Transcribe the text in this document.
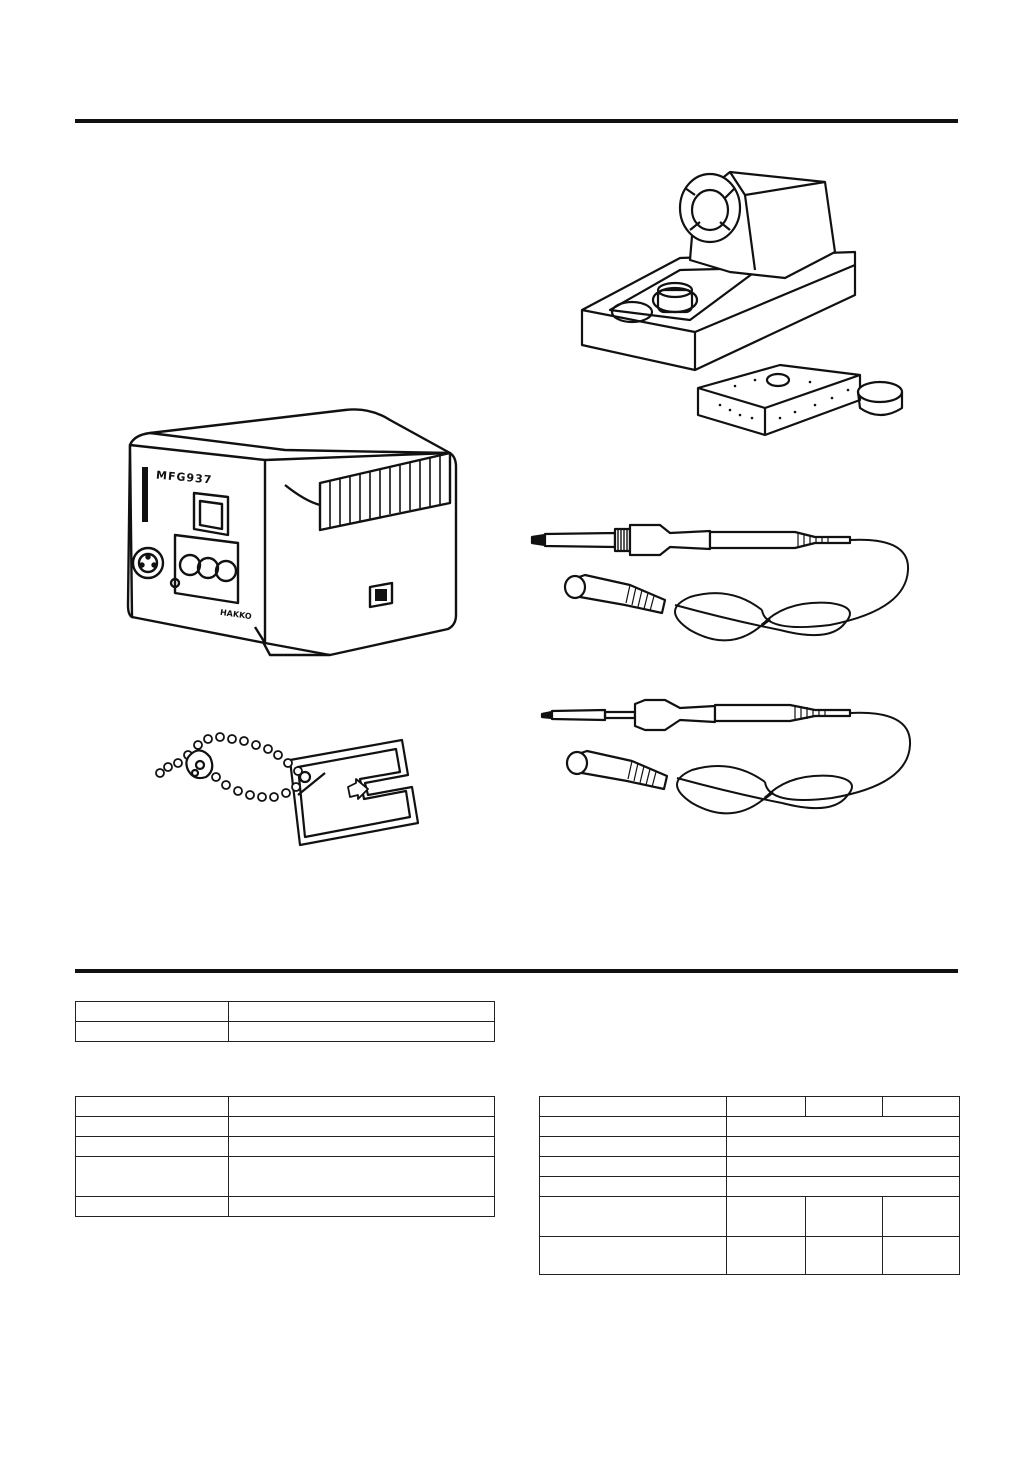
MFG937
HAKKO
